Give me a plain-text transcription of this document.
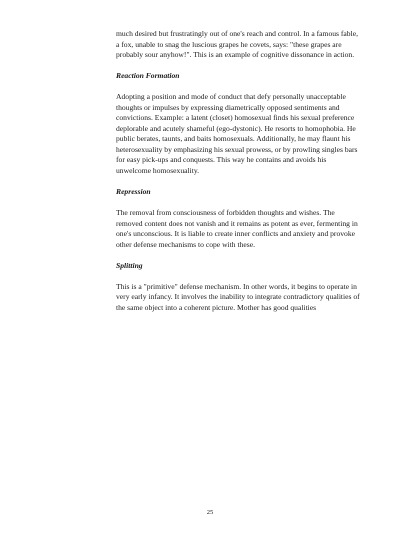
much desired but frustratingly out of one's reach and control. In a famous fable, a fox, unable to snag the luscious grapes he covets, says: "these grapes are probably sour anyhow!". This is an example of cognitive dissonance in action.

Reaction Formation

Adopting a position and mode of conduct that defy personally unacceptable thoughts or impulses by expressing diametrically opposed sentiments and convictions. Example: a latent (closet) homosexual finds his sexual preference deplorable and acutely shameful (ego-dystonic). He resorts to homophobia. He public berates, taunts, and baits homosexuals. Additionally, he may flaunt his heterosexuality by emphasizing his sexual prowess, or by prowling singles bars for easy pick-ups and conquests. This way he contains and avoids his unwelcome homosexuality.

Repression

The removal from consciousness of forbidden thoughts and wishes. The removed content does not vanish and it remains as potent as ever, fermenting in one's unconscious. It is liable to create inner conflicts and anxiety and provoke other defense mechanisms to cope with these.

Splitting

This is a "primitive" defense mechanism. In other words, it begins to operate in very early infancy. It involves the inability to integrate contradictory qualities of the same object into a coherent picture. Mother has good qualities

25
